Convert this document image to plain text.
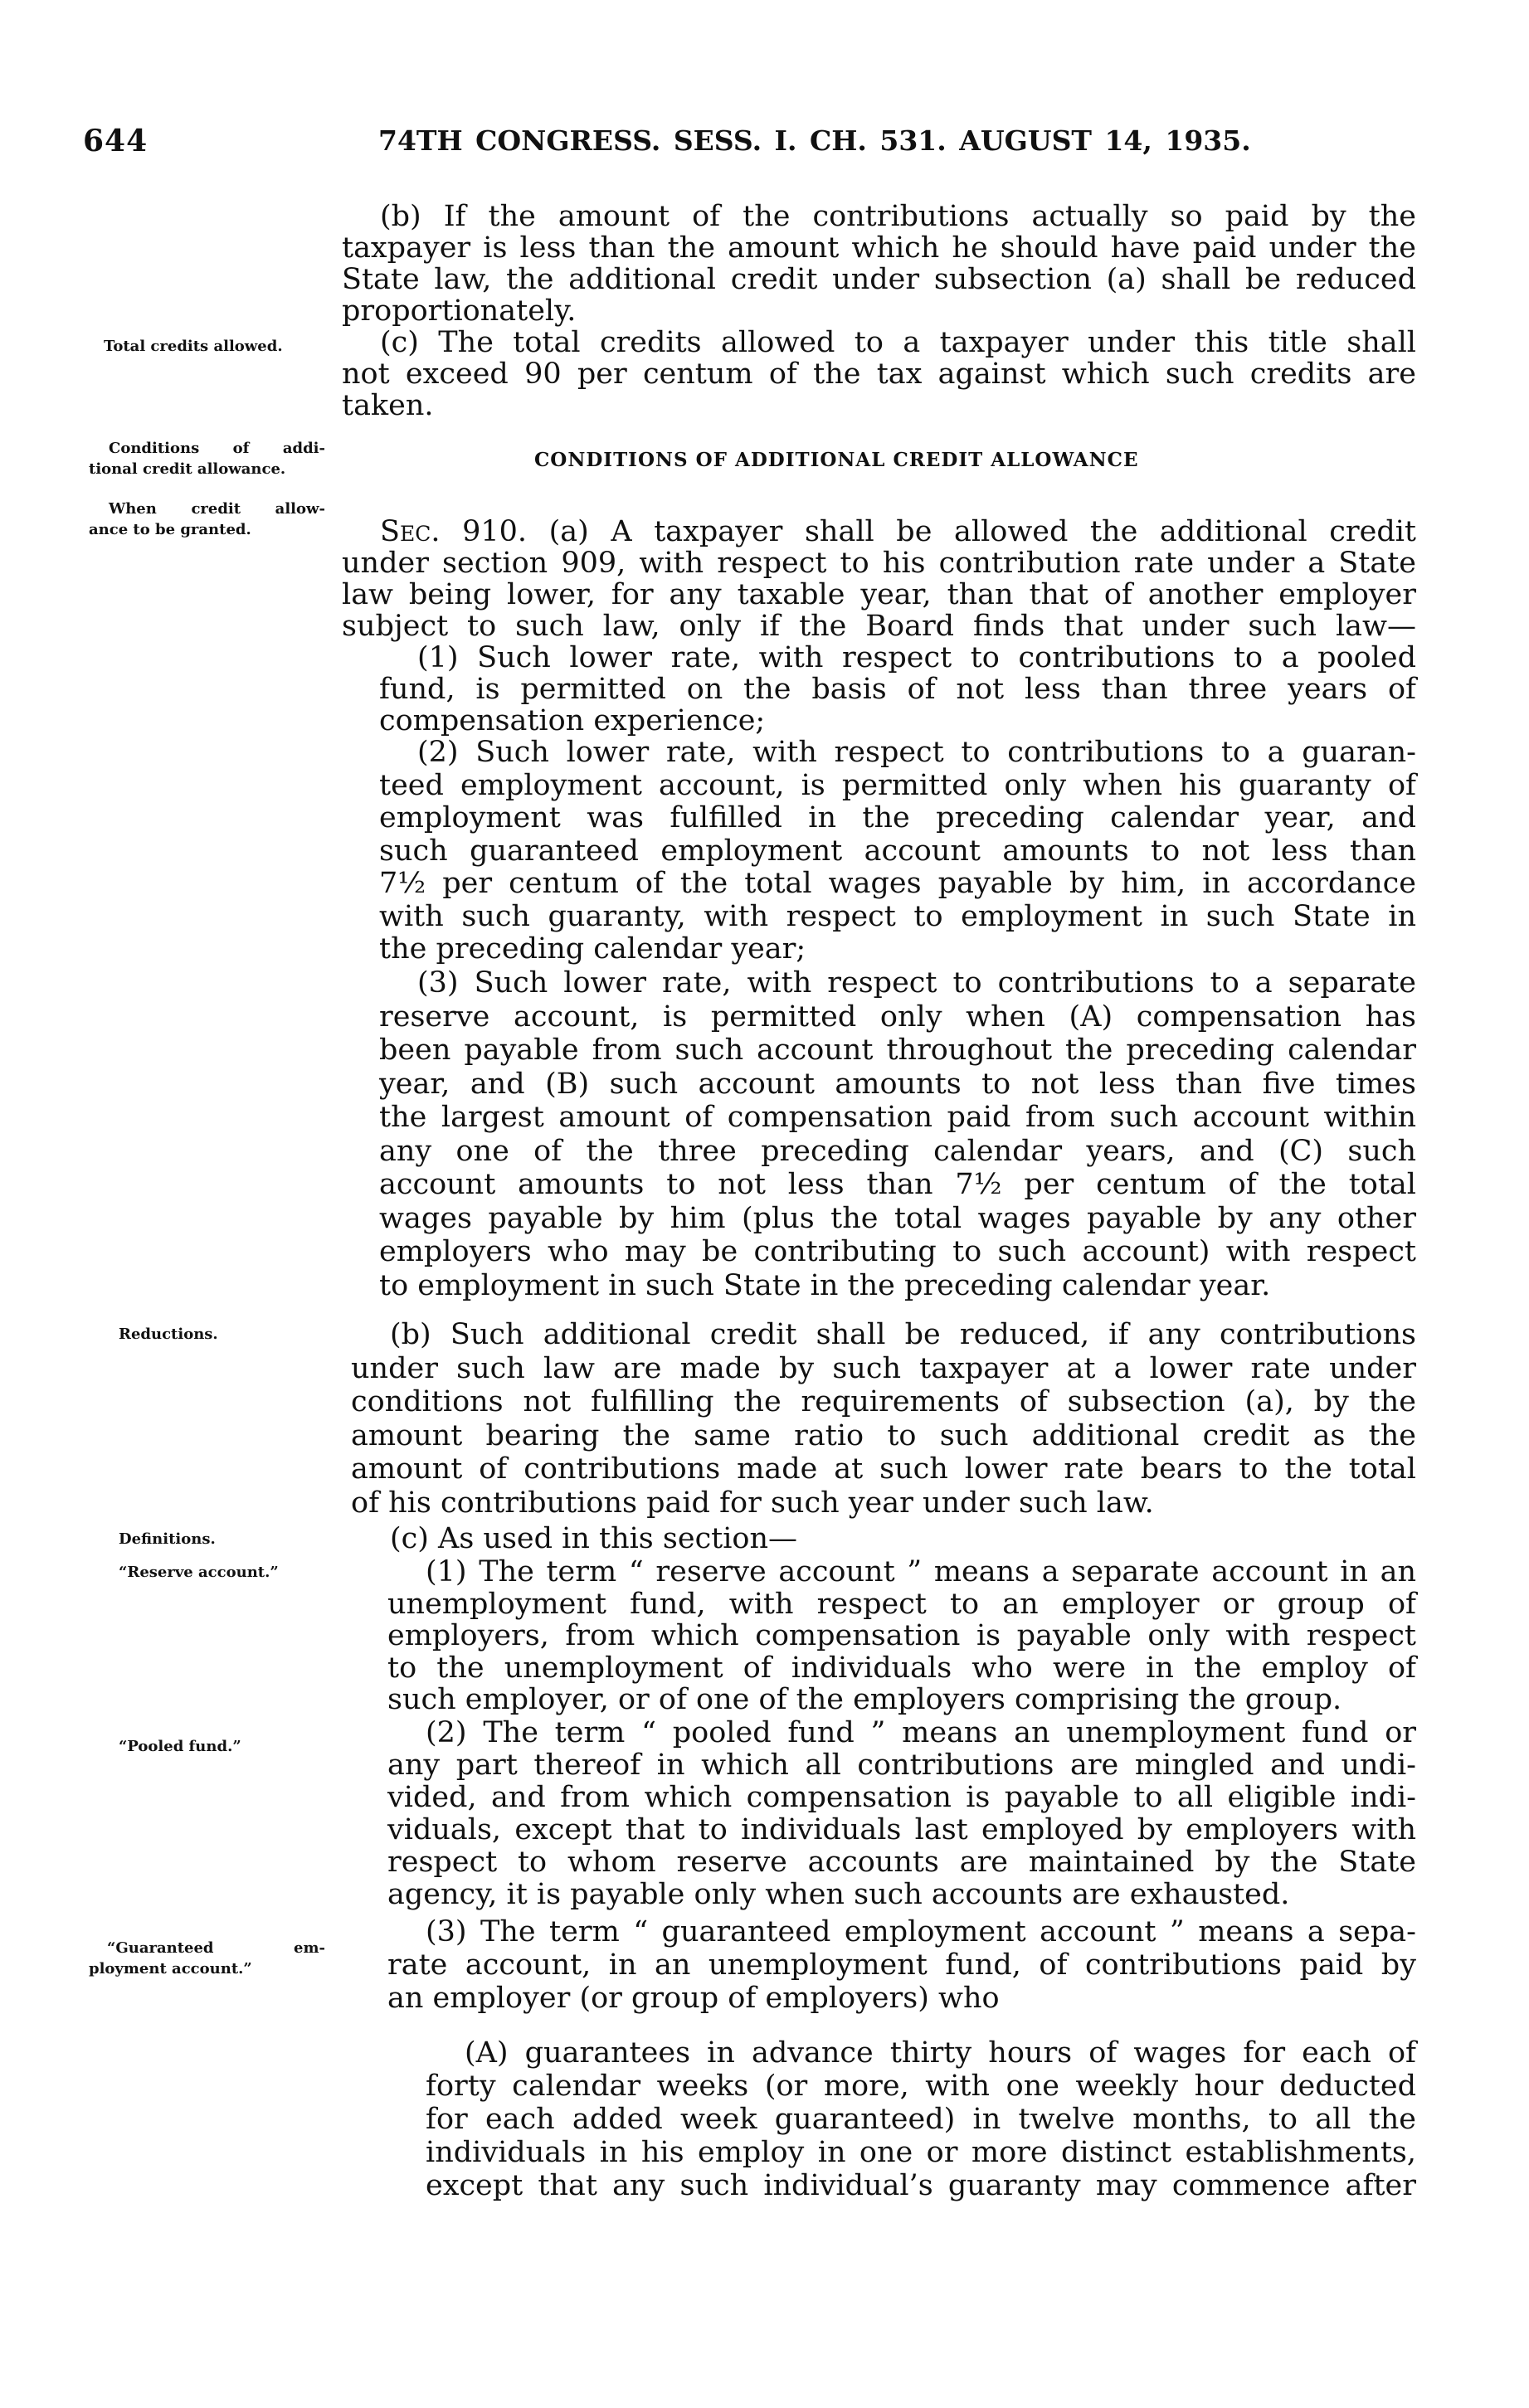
644	74TH CONGRESS. SESS. I. CH. 531. AUGUST 14, 1935.
Total credits allowed.
Conditions of addi-
tional credit allowance.
When credit allow-
ance to be granted.
Reductions.
Definitions.
“Reserve account.”
“Pooled fund.”
“Guaranteed em-
ployment account.”
CONDITIONS OF ADDITIONAL CREDIT ALLOWANCE
(b) If the amount of the contributions actually so paid by the
taxpayer is less than the amount which he should have paid under the
State law, the additional credit under subsection (a) shall be reduced
proportionately.
(c) The total credits allowed to a taxpayer under this title shall
not exceed 90 per centum of the tax against which such credits are
taken.
Sec. 910. (a) A taxpayer shall be allowed the additional credit
under section 909, with respect to his contribution rate under a State
law being lower, for any taxable year, than that of another employer
subject to such law, only if the Board finds that under such law—
(1) Such lower rate, with respect to contributions to a pooled
fund, is permitted on the basis of not less than three years of
compensation experience;
(2) Such lower rate, with respect to contributions to a guaran-
teed employment account, is permitted only when his guaranty of
employment was fulfilled in the preceding calendar year, and
such guaranteed employment account amounts to not less than
7½ per centum of the total wages payable by him, in accordance
with such guaranty, with respect to employment in such State in
the preceding calendar year;
(3) Such lower rate, with respect to contributions to a separate
reserve account, is permitted only when (A) compensation has
been payable from such account throughout the preceding calendar
year, and (B) such account amounts to not less than five times
the largest amount of compensation paid from such account within
any one of the three preceding calendar years, and (C) such
account amounts to not less than 7½ per centum of the total
wages payable by him (plus the total wages payable by any other
employers who may be contributing to such account) with respect
to employment in such State in the preceding calendar year.
(b) Such additional credit shall be reduced, if any contributions
under such law are made by such taxpayer at a lower rate under
conditions not fulfilling the requirements of subsection (a), by the
amount bearing the same ratio to such additional credit as the
amount of contributions made at such lower rate bears to the total
of his contributions paid for such year under such law.
(c) As used in this section—
(1) The term “ reserve account ” means a separate account in an
unemployment fund, with respect to an employer or group of
employers, from which compensation is payable only with respect
to the unemployment of individuals who were in the employ of
such employer, or of one of the employers comprising the group.
(2) The term “ pooled fund ” means an unemployment fund or
any part thereof in which all contributions are mingled and undi-
vided, and from which compensation is payable to all eligible indi-
viduals, except that to individuals last employed by employers with
respect to whom reserve accounts are maintained by the State
agency, it is payable only when such accounts are exhausted.
(3) The term “ guaranteed employment account ” means a sepa-
rate account, in an unemployment fund, of contributions paid by
an employer (or group of employers) who
(A) guarantees in advance thirty hours of wages for each of
forty calendar weeks (or more, with one weekly hour deducted
for each added week guaranteed) in twelve months, to all the
individuals in his employ in one or more distinct establishments,
except that any such individual’s guaranty may commence after
